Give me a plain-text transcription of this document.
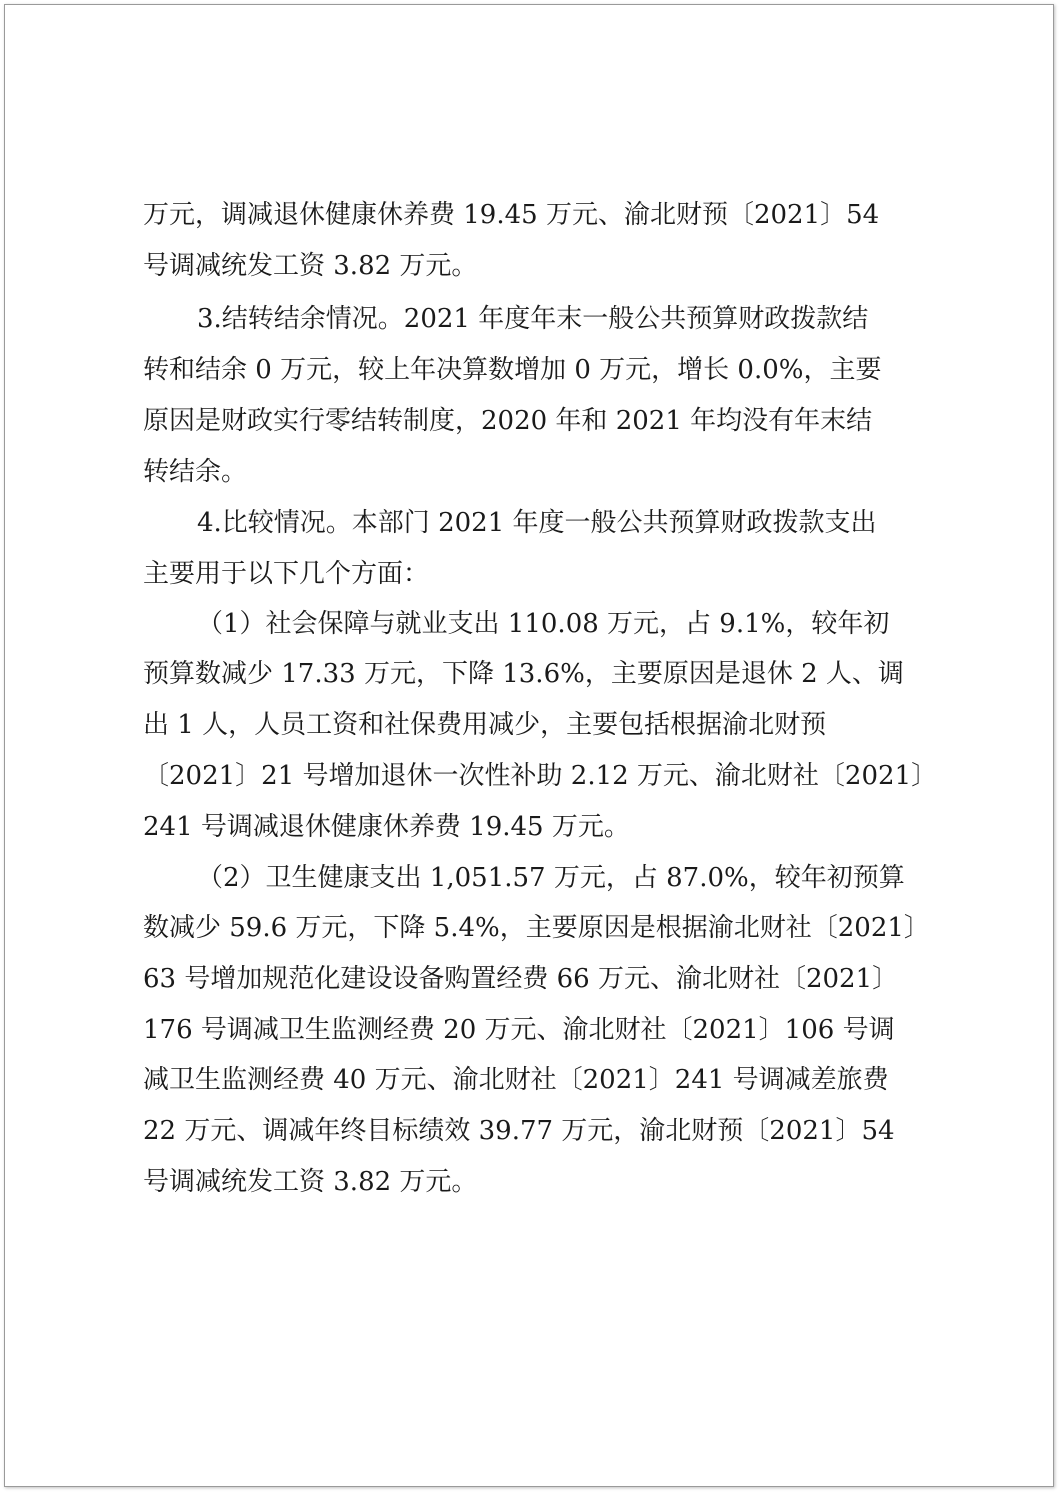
万元，调减退休健康休养费 19.45 万元、渝北财预〔2021〕54
号调减统发工资 3.82 万元。
3.结转结余情况。2021 年度年末一般公共预算财政拨款结
转和结余 0 万元，较上年决算数增加 0 万元，增长 0.0%，主要
原因是财政实行零结转制度，2020 年和 2021 年均没有年末结
转结余。
4.比较情况。本部门 2021 年度一般公共预算财政拨款支出
主要用于以下几个方面：
（1）社会保障与就业支出 110.08 万元，占 9.1%，较年初
预算数减少 17.33 万元，下降 13.6%，主要原因是退休 2 人、调
出 1 人，人员工资和社保费用减少，主要包括根据渝北财预
〔2021〕21 号增加退休一次性补助 2.12 万元、渝北财社〔2021〕
241 号调减退休健康休养费 19.45 万元。
（2）卫生健康支出 1,051.57 万元，占 87.0%，较年初预算
数减少 59.6 万元，下降 5.4%，主要原因是根据渝北财社〔2021〕
63 号增加规范化建设设备购置经费 66 万元、渝北财社〔2021〕
176 号调减卫生监测经费 20 万元、渝北财社〔2021〕106 号调
减卫生监测经费 40 万元、渝北财社〔2021〕241 号调减差旅费
22 万元、调减年终目标绩效 39.77 万元，渝北财预〔2021〕54
号调减统发工资 3.82 万元。
